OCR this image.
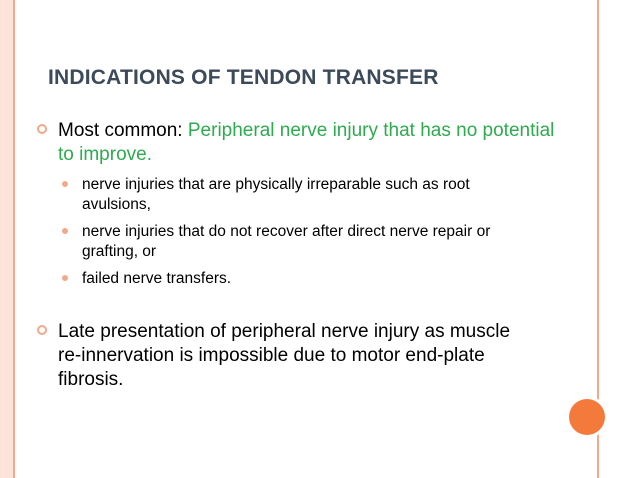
INDICATIONS OF TENDON TRANSFER
Most common: Peripheral nerve injury that has no potential to improve.
nerve injuries that are physically irreparable such as root avulsions,
nerve injuries that do not recover after direct nerve repair or grafting, or
failed nerve transfers.
Late presentation of peripheral nerve injury as muscle re-innervation is impossible due to motor end-plate fibrosis.
